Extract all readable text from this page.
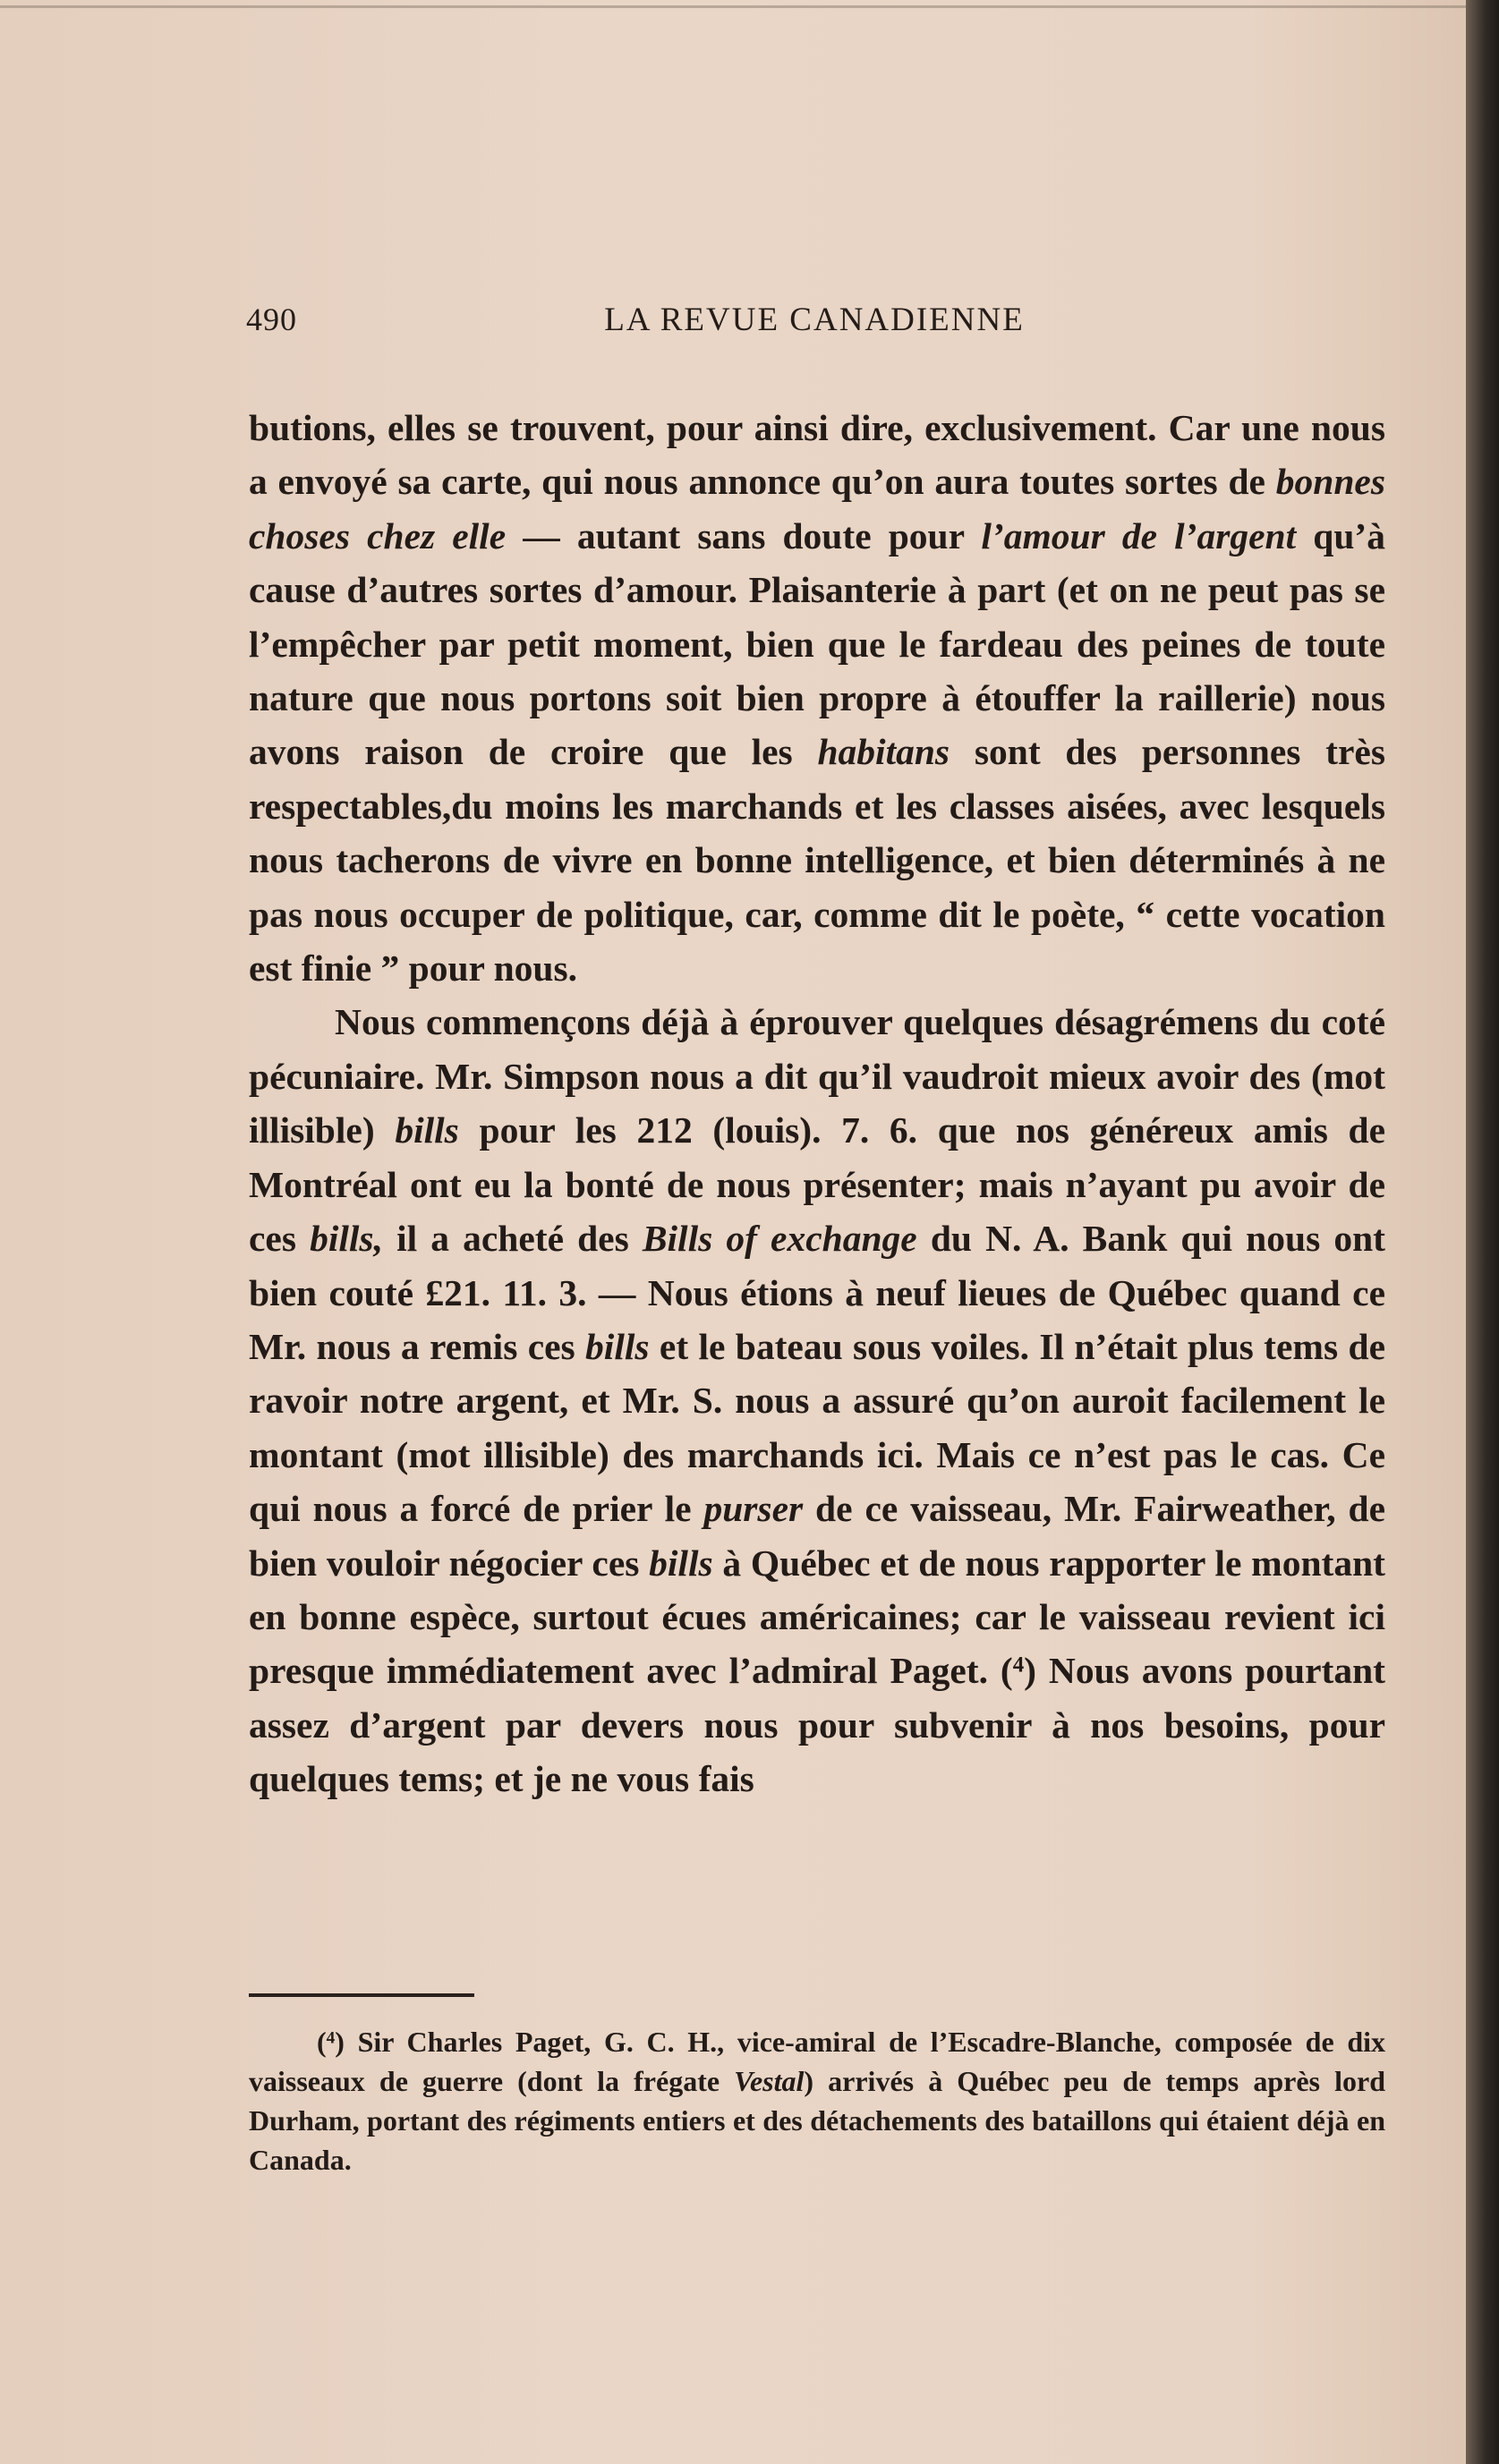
490	LA REVUE CANADIENNE

butions, elles se trouvent, pour ainsi dire, exclusivement. Car une nous a envoyé sa carte, qui nous annonce qu’on aura toutes sortes de bonnes choses chez elle — autant sans doute pour l’amour de l’argent qu’à cause d’autres sortes d’amour. Plaisanterie à part (et on ne peut pas se l’empêcher par petit moment, bien que le fardeau des peines de toute nature que nous portons soit bien propre à étouffer la raillerie) nous avons raison de croire que les habitans sont des personnes très respectables,du moins les marchands et les classes aisées, avec lesquels nous tacherons de vivre en bonne intelligence, et bien déterminés à ne pas nous occuper de politique, car, comme dit le poète, “ cette vocation est finie ” pour nous.

Nous commençons déjà à éprouver quelques désagrémens du coté pécuniaire. Mr. Simpson nous a dit qu’il vaudroit mieux avoir des (mot illisible) bills pour les 212 (louis). 7. 6. que nos généreux amis de Montréal ont eu la bonté de nous présenter; mais n’ayant pu avoir de ces bills, il a acheté des Bills of exchange du N. A. Bank qui nous ont bien couté £21. 11. 3. — Nous étions à neuf lieues de Québec quand ce Mr. nous a remis ces bills et le bateau sous voiles. Il n’était plus tems de ravoir notre argent, et Mr. S. nous a assuré qu’on auroit facilement le montant (mot illisible) des marchands ici. Mais ce n’est pas le cas. Ce qui nous a forcé de prier le purser de ce vaisseau, Mr. Fairweather, de bien vouloir négocier ces bills à Québec et de nous rapporter le montant en bonne espèce, surtout écues américaines; car le vaisseau revient ici presque immédiatement avec l’admiral Paget. ($^4$) Nous avons pourtant assez d’argent par devers nous pour subvenir à nos besoins, pour quelques tems; et je ne vous fais

($^4$) Sir Charles Paget, G. C. H., vice-amiral de l’Escadre-Blanche, composée de dix vaisseaux de guerre (dont la frégate Vestal) arrivés à Québec peu de temps après lord Durham, portant des régiments entiers et des détachements des bataillons qui étaient déjà en Canada.
